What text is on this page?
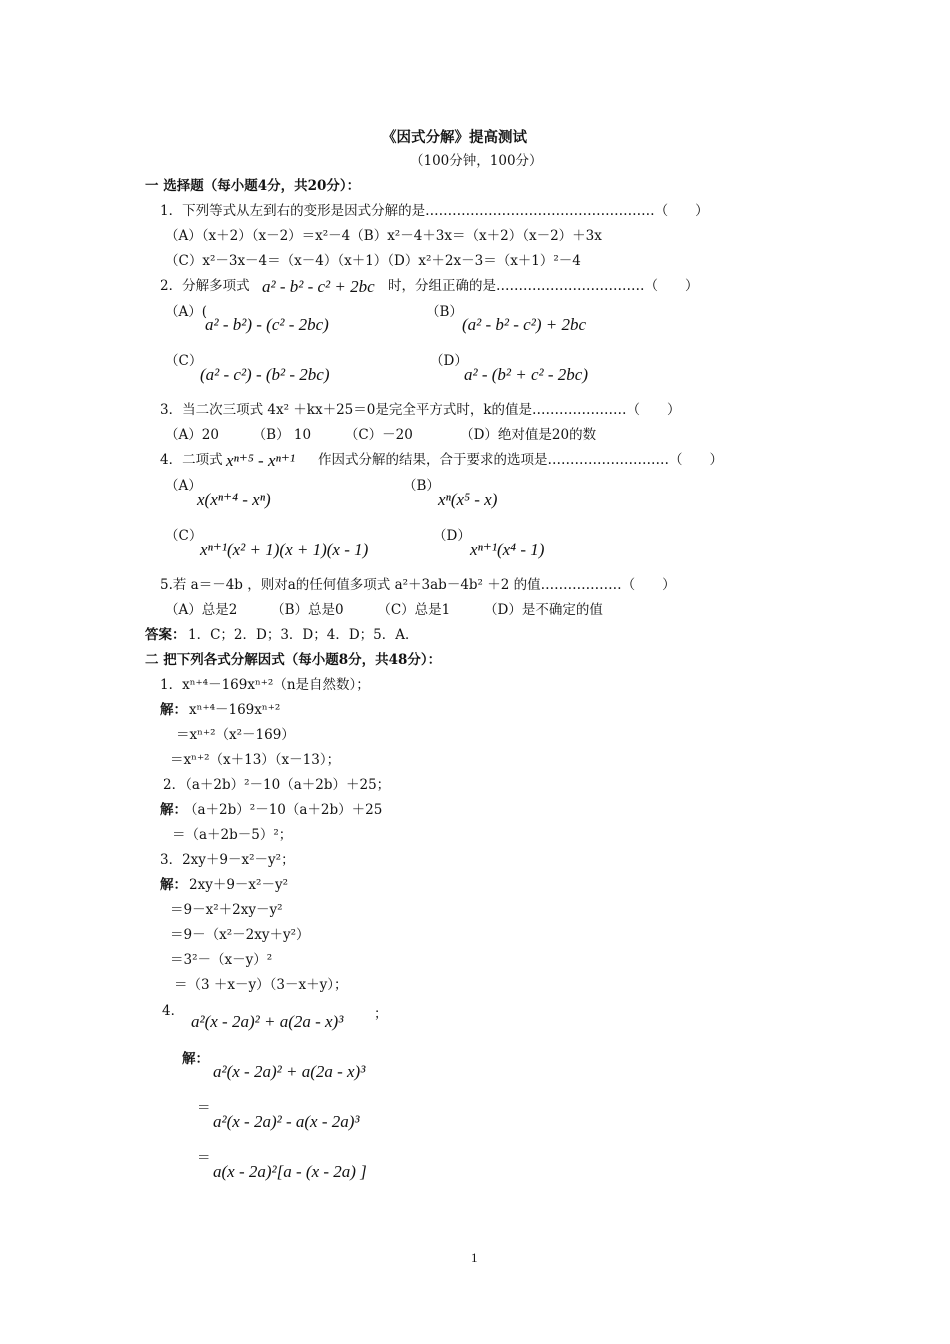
《因式分解》提高测试
（100分钟，100分）
一 选择题（每小题4分，共20分）：
1．下列等式从左到右的变形是因式分解的是……………………………………………（　　）
（A）（x＋2）（x－2）＝x²－4（B）x²－4＋3x＝（x＋2）（x－2）＋3x
（C）x²－3x－4＝（x－4）（x＋1）（D）x²＋2x－3＝（x＋1）²－4
2．分解多项式 a² - b² - c² + 2bc 时，分组正确的是……………………………（　　）
（A）(
a² - b²) - (c² - 2bc)
（B）
(a² - b² - c²) + 2bc
（C）
(a² - c²) - (b² - 2bc)
（D）
a² - (b² + c² - 2bc)
3．当二次三项式 4x² ＋kx＋25＝0是完全平方式时，k的值是…………………（　　）
（A）20　　　（B） 10　　　（C）－20　　　　（D）绝对值是20的数
4．二项式 xⁿ⁺⁵ - xⁿ⁺¹ 作因式分解的结果，合于要求的选项是………………………（　　）
（A）
x(xⁿ⁺⁴ - xⁿ)
（B）
xⁿ(x⁵ - x)
（C）
xⁿ⁺¹(x² + 1)(x + 1)(x - 1)
（D）
xⁿ⁺¹(x⁴ - 1)
5.若 a＝－4b ，则对a的任何值多项式 a²＋3ab－4b² ＋2 的值………………（　　）
（A）总是2　　　（B）总是0　　　（C）总是1　　　（D）是不确定的值
答案： 1．C；2．D；3．D；4．D；5．A．
二 把下列各式分解因式（每小题8分，共48分）：
1．xⁿ⁺⁴－169xⁿ⁺²（n是自然数）；
解： xⁿ⁺⁴－169xⁿ⁺²
＝xⁿ⁺²（x²－169）
＝xⁿ⁺²（x＋13）（x－13）；
2．（a＋2b）²－10（a＋2b）＋25；
解：
（a＋2b）²－10（a＋2b）＋25
＝（a＋2b－5）²；
3．2xy＋9－x²－y²；
解： 2xy＋9－x²－y²
＝9－x²＋2xy－y²
＝9－（x²－2xy＋y²）
＝3²－（x－y）²
＝（3 ＋x－y）（3－x＋y）；
4．
a²(x - 2a)² + a(2a - x)³ ；
解：
a²(x - 2a)² + a(2a - x)³
＝
a²(x - 2a)² - a(x - 2a)³
＝
a(x - 2a)²[a - (x - 2a) ]
1
